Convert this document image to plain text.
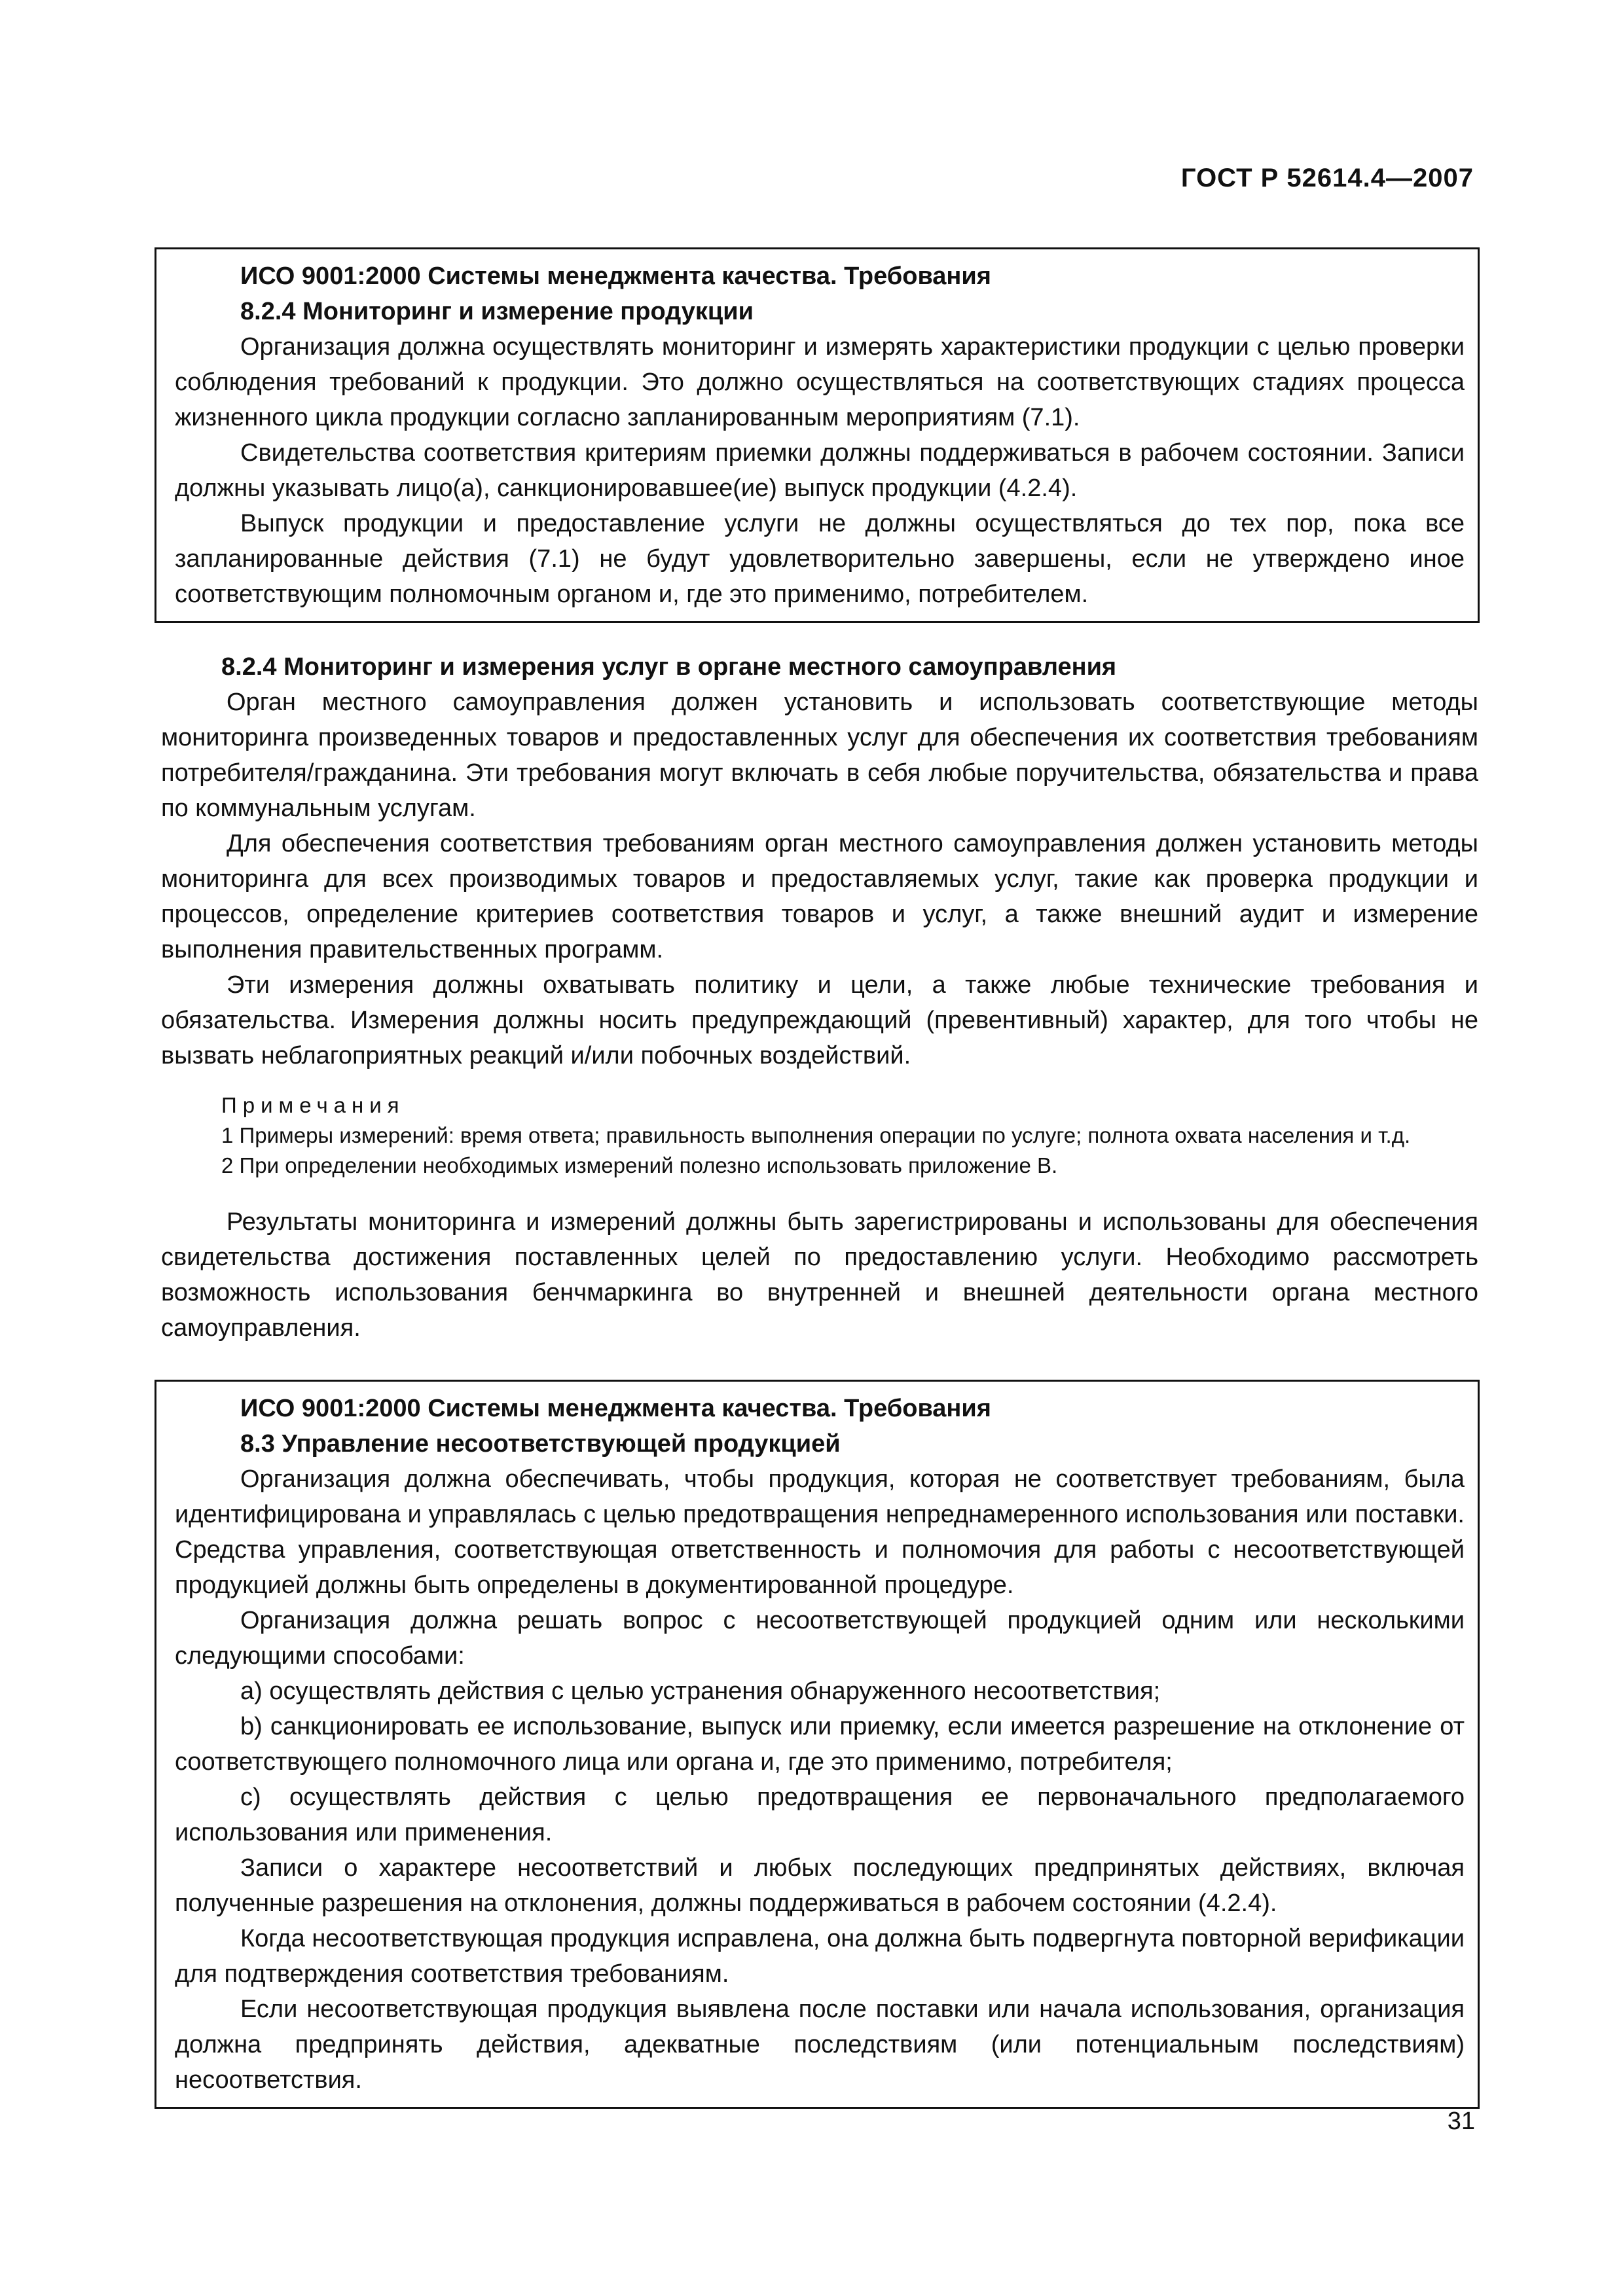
ГОСТ Р 52614.4—2007
ИСО 9001:2000 Системы менеджмента качества. Требования
8.2.4 Мониторинг и измерение продукции

Организация должна осуществлять мониторинг и измерять характеристики продукции с целью проверки соблюдения требований к продукции. Это должно осуществляться на соответствующих стадиях процесса жизненного цикла продукции согласно запланированным мероприятиям (7.1).

Свидетельства соответствия критериям приемки должны поддерживаться в рабочем состоянии. Записи должны указывать лицо(а), санкционировавшее(ие) выпуск продукции (4.2.4).

Выпуск продукции и предоставление услуги не должны осуществляться до тех пор, пока все запланированные действия (7.1) не будут удовлетворительно завершены, если не утверждено иное соответствующим полномочным органом и, где это применимо, потребителем.

8.2.4 Мониторинг и измерения услуг в органе местного самоуправления

Орган местного самоуправления должен установить и использовать соответствующие методы мониторинга произведенных товаров и предоставленных услуг для обеспечения их соответствия требованиям потребителя/гражданина. Эти требования могут включать в себя любые поручительства, обязательства и права по коммунальным услугам.

Для обеспечения соответствия требованиям орган местного самоуправления должен установить методы мониторинга для всех производимых товаров и предоставляемых услуг, такие как проверка продукции и процессов, определение критериев соответствия товаров и услуг, а также внешний аудит и измерение выполнения правительственных программ.

Эти измерения должны охватывать политику и цели, а также любые технические требования и обязательства. Измерения должны носить предупреждающий (превентивный) характер, для того чтобы не вызвать неблагоприятных реакций и/или побочных воздействий.

Примечания

1 Примеры измерений: время ответа; правильность выполнения операции по услуге; полнота охвата населения и т.д.

2 При определении необходимых измерений полезно использовать приложение В.

Результаты мониторинга и измерений должны быть зарегистрированы и использованы для обеспечения свидетельства достижения поставленных целей по предоставлению услуги. Необходимо рассмотреть возможность использования бенчмаркинга во внутренней и внешней деятельности органа местного самоуправления.

ИСО 9001:2000 Системы менеджмента качества. Требования
8.3 Управление несоответствующей продукцией

Организация должна обеспечивать, чтобы продукция, которая не соответствует требованиям, была идентифицирована и управлялась с целью предотвращения непреднамеренного использования или поставки. Средства управления, соответствующая ответственность и полномочия для работы с несоответствующей продукцией должны быть определены в документированной процедуре.

Организация должна решать вопрос с несоответствующей продукцией одним или несколькими следующими способами:

a) осуществлять действия с целью устранения обнаруженного несоответствия;

b) санкционировать ее использование, выпуск или приемку, если имеется разрешение на отклонение от соответствующего полномочного лица или органа и, где это применимо, потребителя;

c) осуществлять действия с целью предотвращения ее первоначального предполагаемого использования или применения.

Записи о характере несоответствий и любых последующих предпринятых действиях, включая полученные разрешения на отклонения, должны поддерживаться в рабочем состоянии (4.2.4).

Когда несоответствующая продукция исправлена, она должна быть подвергнута повторной верификации для подтверждения соответствия требованиям.

Если несоответствующая продукция выявлена после поставки или начала использования, организация должна предпринять действия, адекватные последствиям (или потенциальным последствиям) несоответствия.

31
